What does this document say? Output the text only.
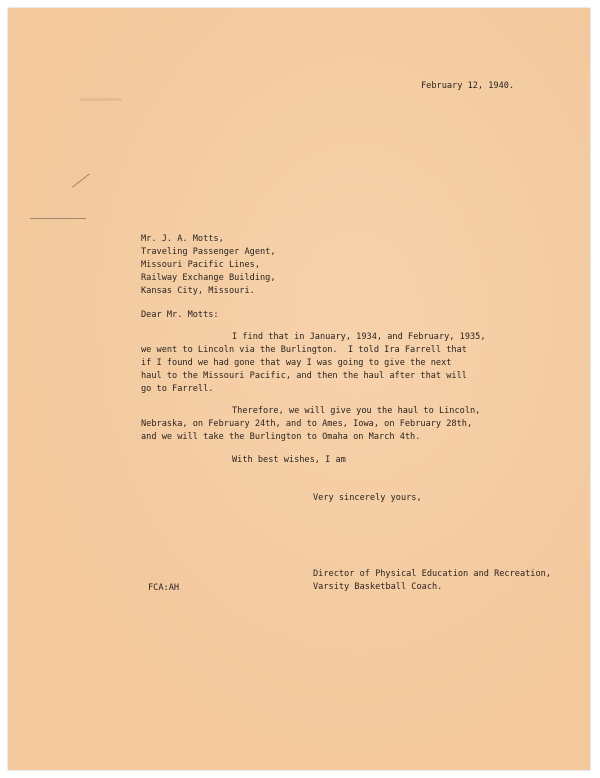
February 12, 1940.

Mr. J. A. Motts,

Traveling Passenger Agent,

Missouri Pacific Lines,

Railway Exchange Building,

Kansas City, Missouri.

Dear Mr. Motts:

I find that in January, 1934, and February, 1935,

we went to Lincoln via the Burlington.  I told Ira Farrell that

if I found we had gone that way I was going to give the next

haul to the Missouri Pacific, and then the haul after that will

go to Farrell.

Therefore, we will give you the haul to Lincoln,

Nebraska, on February 24th, and to Ames, Iowa, on February 28th,

and we will take the Burlington to Omaha on March 4th.

With best wishes, I am

Very sincerely yours,

Director of Physical Education and Recreation,

Varsity Basketball Coach.

FCA:AH
